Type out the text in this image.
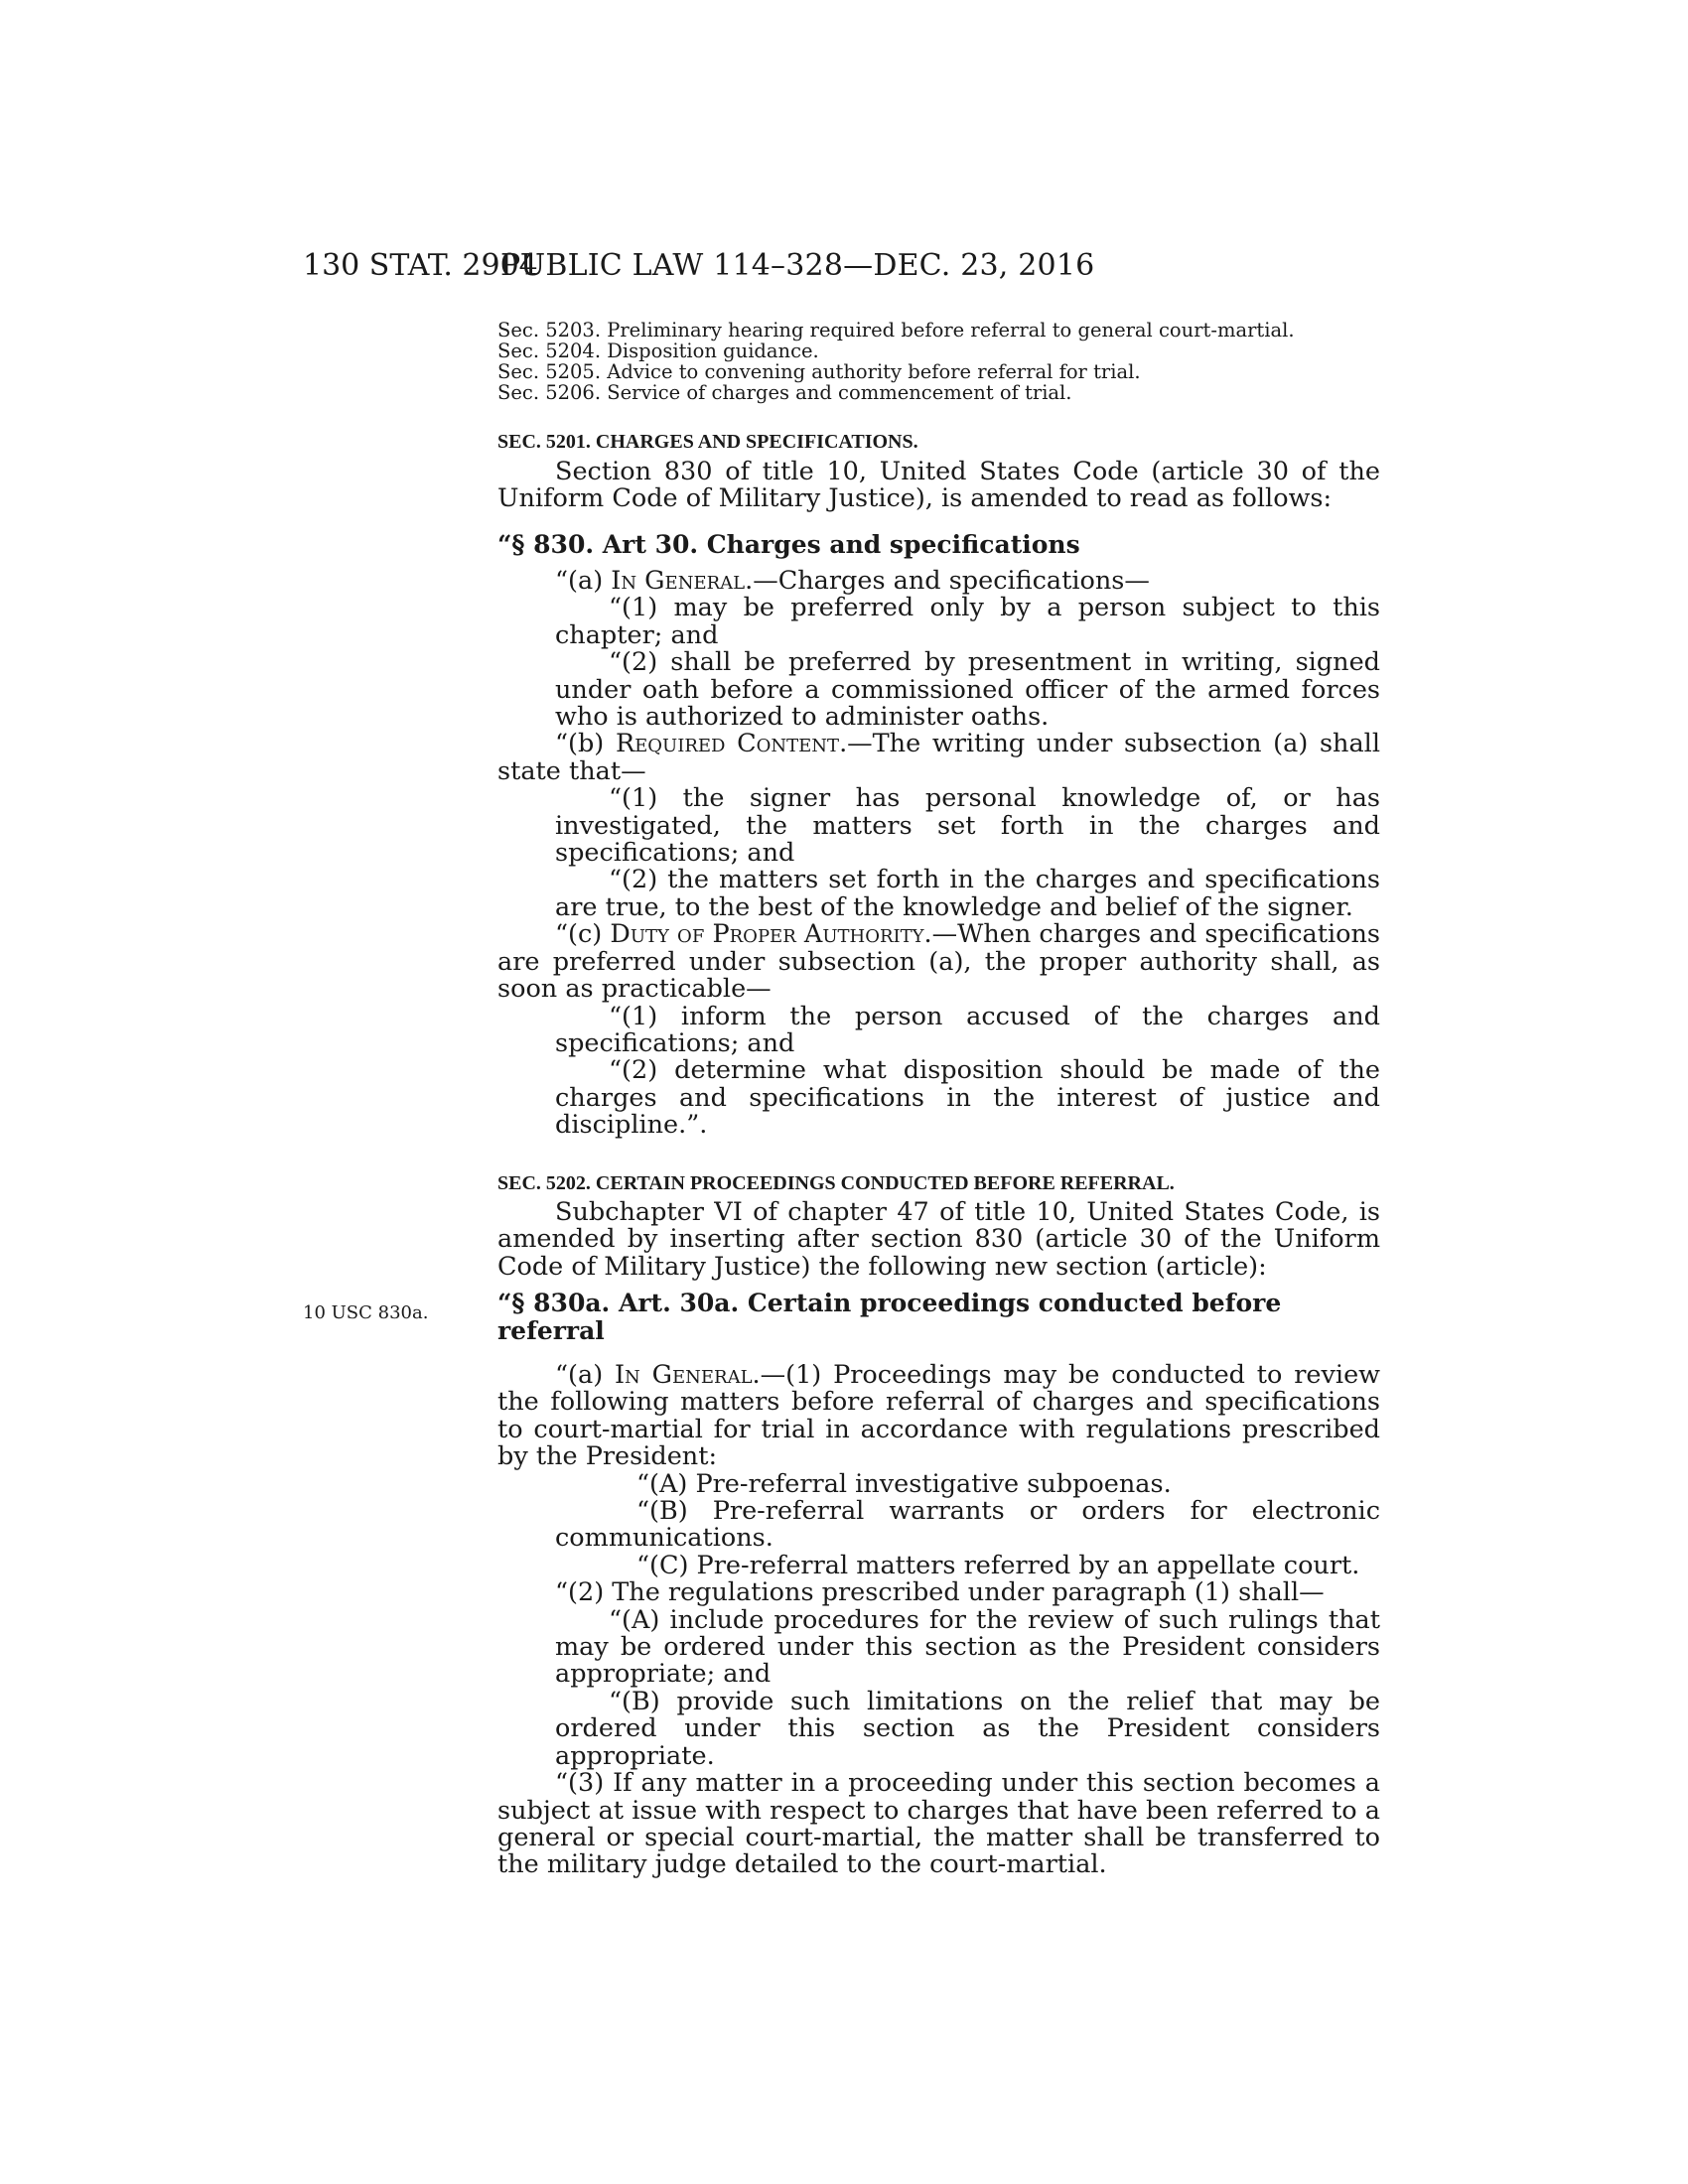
130 STAT. 2904
PUBLIC LAW 114–328—DEC. 23, 2016
Sec. 5203. Preliminary hearing required before referral to general court-martial.
Sec. 5204. Disposition guidance.
Sec. 5205. Advice to convening authority before referral for trial.
Sec. 5206. Service of charges and commencement of trial.

SEC. 5201. CHARGES AND SPECIFICATIONS.

Section 830 of title 10, United States Code (article 30 of the Uniform Code of Military Justice), is amended to read as follows:

“§ 830. Art 30. Charges and specifications

“(a) In General.—Charges and specifications—

“(1) may be preferred only by a person subject to this chapter; and

“(2) shall be preferred by presentment in writing, signed under oath before a commissioned officer of the armed forces who is authorized to administer oaths.

“(b) Required Content.—The writing under subsection (a) shall state that—

“(1) the signer has personal knowledge of, or has investigated, the matters set forth in the charges and specifications; and

“(2) the matters set forth in the charges and specifications are true, to the best of the knowledge and belief of the signer.

“(c) Duty of Proper Authority.—When charges and specifications are preferred under subsection (a), the proper authority shall, as soon as practicable—

“(1) inform the person accused of the charges and specifications; and

“(2) determine what disposition should be made of the charges and specifications in the interest of justice and discipline.”.

SEC. 5202. CERTAIN PROCEEDINGS CONDUCTED BEFORE REFERRAL.

Subchapter VI of chapter 47 of title 10, United States Code, is amended by inserting after section 830 (article 30 of the Uniform Code of Military Justice) the following new section (article):

10 USC 830a.	“§ 830a. Art. 30a. Certain proceedings conducted before referral

“(a) In General.—(1) Proceedings may be conducted to review the following matters before referral of charges and specifications to court-martial for trial in accordance with regulations prescribed by the President:

“(A) Pre-referral investigative subpoenas.

“(B) Pre-referral warrants or orders for electronic communications.

“(C) Pre-referral matters referred by an appellate court.

“(2) The regulations prescribed under paragraph (1) shall—

“(A) include procedures for the review of such rulings that may be ordered under this section as the President considers appropriate; and

“(B) provide such limitations on the relief that may be ordered under this section as the President considers appropriate.

“(3) If any matter in a proceeding under this section becomes a subject at issue with respect to charges that have been referred to a general or special court-martial, the matter shall be transferred to the military judge detailed to the court-martial.
